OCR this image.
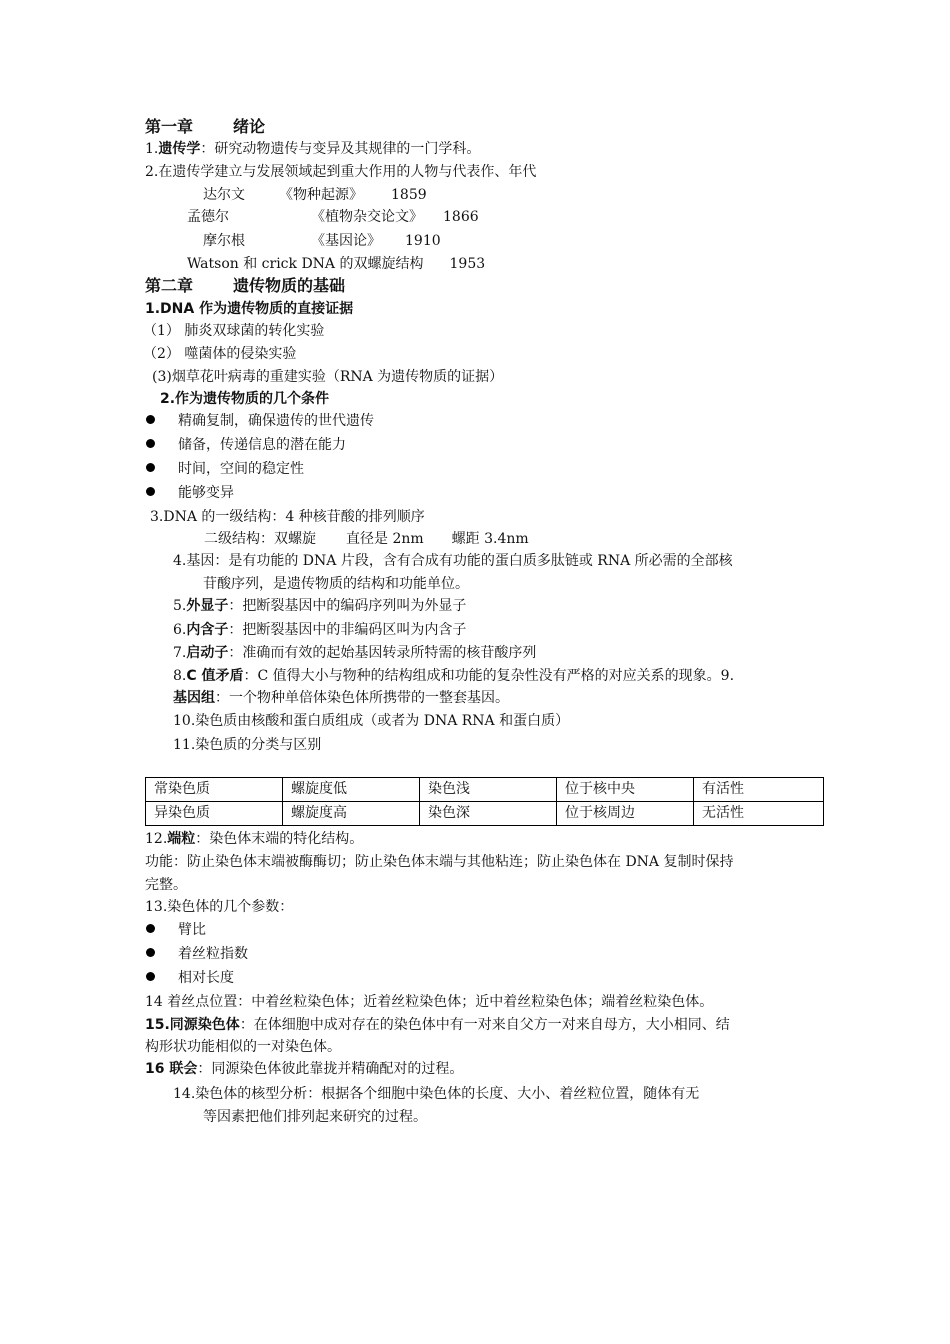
第一章	绪论
1.遗传学：研究动物遗传与变异及其规律的一门学科。
2.在遗传学建立与发展领域起到重大作用的人物与代表作、年代
达尔文 《物种起源》 1859
孟德尔	《植物杂交论文》 1866
摩尔根	《基因论》 1910
Watson 和 crick DNA 的双螺旋结构 1953
第二章	遗传物质的基础
1.DNA 作为遗传物质的直接证据
（1） 肺炎双球菌的转化实验
（2） 噬菌体的侵染实验
(3)烟草花叶病毒的重建实验（RNA 为遗传物质的证据）
2.作为遗传物质的几个条件
精确复制，确保遗传的世代遗传
储备，传递信息的潜在能力
时间，空间的稳定性
能够变异
3.DNA 的一级结构：4 种核苷酸的排列顺序
二级结构：双螺旋 直径是 2nm 螺距 3.4nm
4.基因：是有功能的 DNA 片段，含有合成有功能的蛋白质多肽链或 RNA 所必需的全部核
苷酸序列，是遗传物质的结构和功能单位。
5.外显子：把断裂基因中的编码序列叫为外显子
6.内含子：把断裂基因中的非编码区叫为内含子
7.启动子：准确而有效的起始基因转录所特需的核苷酸序列
8.C 值矛盾：C 值得大小与物种的结构组成和功能的复杂性没有严格的对应关系的现象。9.
基因组：一个物种单倍体染色体所携带的一整套基因。
10.染色质由核酸和蛋白质组成（或者为 DNA RNA 和蛋白质）
11.染色质的分类与区别
常染色质	螺旋度低	染色浅	位于核中央	有活性
异染色质	螺旋度高	染色深	位于核周边	无活性
12.端粒：染色体末端的特化结构。
功能：防止染色体末端被酶酶切；防止染色体末端与其他粘连；防止染色体在 DNA 复制时保持
完整。
13.染色体的几个参数：
臂比
着丝粒指数
相对长度
14 着丝点位置：中着丝粒染色体；近着丝粒染色体；近中着丝粒染色体；端着丝粒染色体。
15.同源染色体：在体细胞中成对存在的染色体中有一对来自父方一对来自母方，大小相同、结
构形状功能相似的一对染色体。
16 联会：同源染色体彼此靠拢并精确配对的过程。
14.染色体的核型分析：根据各个细胞中染色体的长度、大小、着丝粒位置，随体有无
等因素把他们排列起来研究的过程。
